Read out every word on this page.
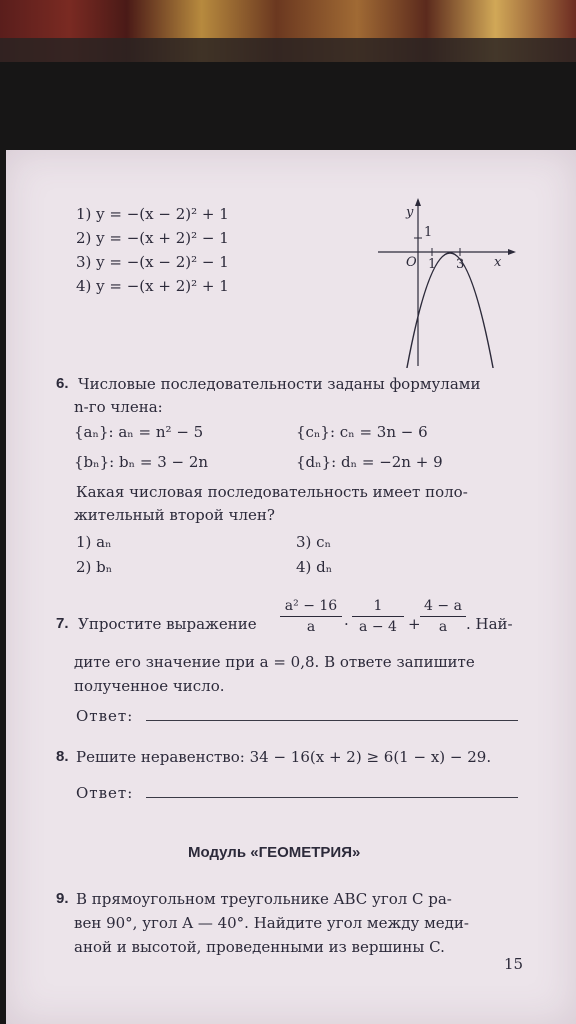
1) y = −(x − 2)² + 1
2) y = −(x + 2)² − 1
3) y = −(x − 2)² − 1
4) y = −(x + 2)² + 1
y
x
O 1 3
1
6. Числовые последовательности заданы формулами
n-го члена:
{aₙ}: aₙ = n² − 5	{cₙ}: cₙ = 3n − 6
{bₙ}: bₙ = 3 − 2n	{dₙ}: dₙ = −2n + 9
Какая числовая последовательность имеет поло-
жительный второй член?
1) aₙ	3) cₙ
2) bₙ	4) dₙ
7. Упростите выражение
a² − 16
a	·
1
a − 4 +
4 − a
a	. Най-
дите его значение при a = 0,8. В ответе запишите
полученное число.
Ответ:
8. Решите неравенство: 34 − 16(x + 2) ≥ 6(1 − x) − 29.
Ответ:
Модуль «ГЕОМЕТРИЯ»
9. В прямоугольном треугольнике ABC угол C ра-
вен 90°, угол A — 40°. Найдите угол между меди-
аной и высотой, проведенными из вершины C.
15
